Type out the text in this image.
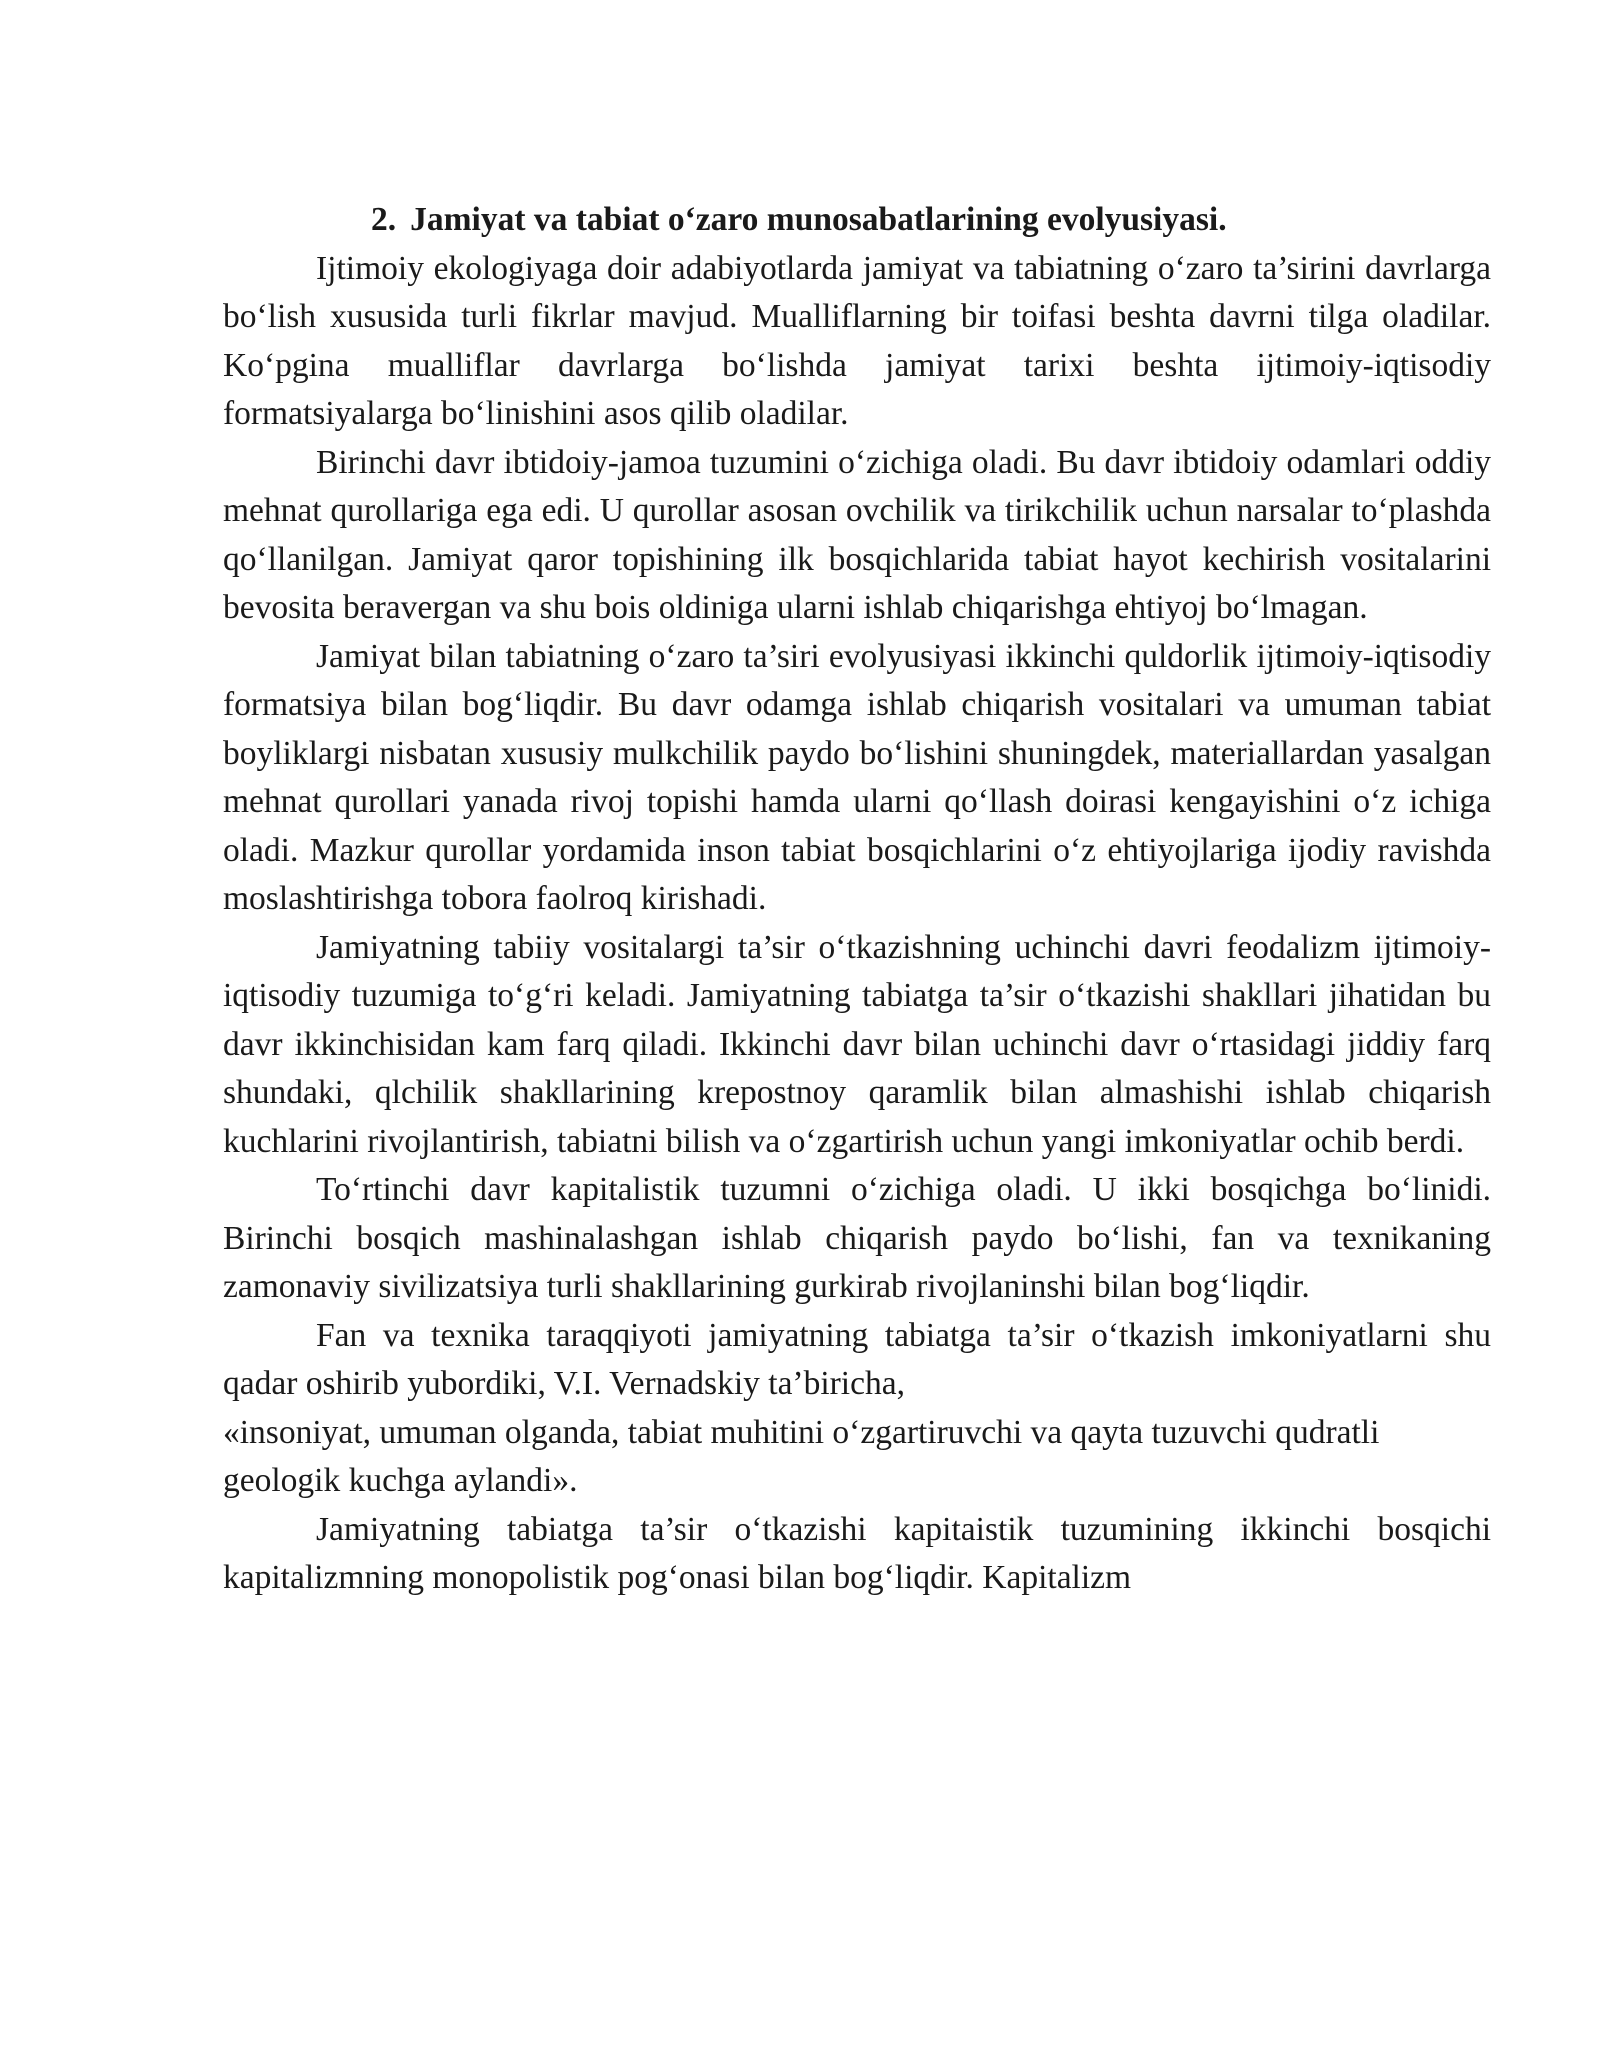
2. Jamiyat va tabiat o‘zaro munosabatlarining evolyusiyasi.

Ijtimoiy ekologiyaga doir adabiyotlarda jamiyat va tabiatning o‘zaro ta’sirini davrlarga bo‘lish xususida turli fikrlar mavjud. Mualliflarning bir toifasi beshta davrni tilga oladilar. Ko‘pgina mualliflar davrlarga bo‘lishda jamiyat tarixi beshta ijtimoiy-iqtisodiy formatsiyalarga bo‘linishini asos qilib oladilar.

Birinchi davr ibtidoiy-jamoa tuzumini o‘zichiga oladi. Bu davr ibtidoiy odamlari oddiy mehnat qurollariga ega edi. U qurollar asosan ovchilik va tirikchilik uchun narsalar to‘plashda qo‘llanilgan. Jamiyat qaror topishining ilk bosqichlarida tabiat hayot kechirish vositalarini bevosita beravergan va shu bois oldiniga ularni ishlab chiqarishga ehtiyoj bo‘lmagan.

Jamiyat bilan tabiatning o‘zaro ta’siri evolyusiyasi ikkinchi quldorlik ijtimoiy-iqtisodiy formatsiya bilan bog‘liqdir. Bu davr odamga ishlab chiqarish vositalari va umuman tabiat boyliklargi nisbatan xususiy mulkchilik paydo bo‘lishini shuningdek, materiallardan yasalgan mehnat qurollari yanada rivoj topishi hamda ularni qo‘llash doirasi kengayishini o‘z ichiga oladi. Mazkur qurollar yordamida inson tabiat bosqichlarini o‘z ehtiyojlariga ijodiy ravishda moslashtirishga tobora faolroq kirishadi.

Jamiyatning tabiiy vositalargi ta’sir o‘tkazishning uchinchi davri feodalizm ijtimoiy-iqtisodiy tuzumiga to‘g‘ri keladi. Jamiyatning tabiatga ta’sir o‘tkazishi shakllari jihatidan bu davr ikkinchisidan kam farq qiladi. Ikkinchi davr bilan uchinchi davr o‘rtasidagi jiddiy farq shundaki, qlchilik shakllarining krepostnoy qaramlik bilan almashishi ishlab chiqarish kuchlarini rivojlantirish, tabiatni bilish va o‘zgartirish uchun yangi imkoniyatlar ochib berdi.

To‘rtinchi davr kapitalistik tuzumni o‘zichiga oladi. U ikki bosqichga bo‘linidi. Birinchi bosqich mashinalashgan ishlab chiqarish paydo bo‘lishi, fan va texnikaning zamonaviy sivilizatsiya turli shakllarining gurkirab rivojlaninshi bilan bog‘liqdir.

Fan va texnika taraqqiyoti jamiyatning tabiatga ta’sir o‘tkazish imkoniyatlarni shu qadar oshirib yubordiki, V.I. Vernadskiy ta’biricha,

«insoniyat, umuman olganda, tabiat muhitini o‘zgartiruvchi va qayta tuzuvchi qudratli geologik kuchga aylandi».

Jamiyatning tabiatga ta’sir o‘tkazishi kapitaistik tuzumining ikkinchi bosqichi kapitalizmning monopolistik pog‘onasi bilan bog‘liqdir. Kapitalizm
